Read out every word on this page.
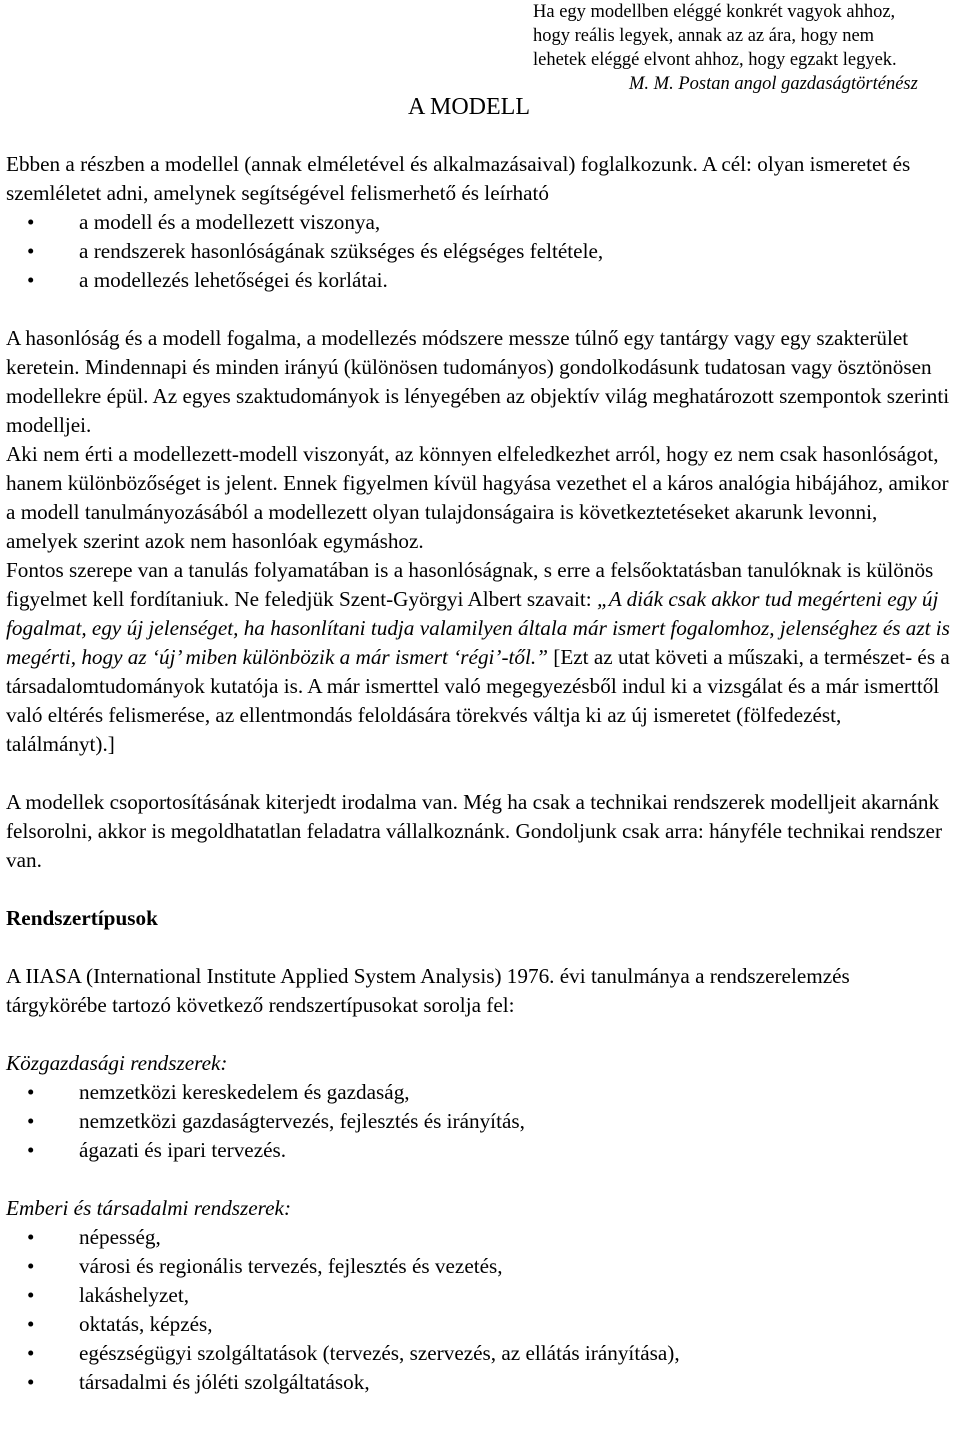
Ha egy modellben eléggé konkrét vagyok ahhoz,
hogy reális legyek, annak az az ára, hogy nem
lehetek eléggé elvont ahhoz, hogy egzakt legyek.
M. M. Postan angol gazdaságtörténész
A MODELL

Ebben a részben a modellel (annak elméletével és alkalmazásaival) foglalkozunk. A cél: olyan ismeretet és szemléletet adni, amelynek segítségével felismerhető és leírható

• a modell és a modellezett viszonya,
• a rendszerek hasonlóságának szükséges és elégséges feltétele,
• a modellezés lehetőségei és korlátai.

A hasonlóság és a modell fogalma, a modellezés módszere messze túlnő egy tantárgy vagy egy szakterület keretein. Mindennapi és minden irányú (különösen tudományos) gondolkodásunk tudatosan vagy ösztönösen modellekre épül. Az egyes szaktudományok is lényegében az objektív világ meghatározott szempontok szerinti modelljei.

Aki nem érti a modellezett-modell viszonyát, az könnyen elfeledkezhet arról, hogy ez nem csak hasonlóságot, hanem különbözőséget is jelent. Ennek figyelmen kívül hagyása vezethet el a káros analógia hibájához, amikor a modell tanulmányozásából a modellezett olyan tulajdonságaira is következtetéseket akarunk levonni, amelyek szerint azok nem hasonlóak egymáshoz.

Fontos szerepe van a tanulás folyamatában is a hasonlóságnak, s erre a felsőoktatásban tanulóknak is különös figyelmet kell fordítaniuk. Ne feledjük Szent-Györgyi Albert szavait: „A diák csak akkor tud megérteni egy új fogalmat, egy új jelenséget, ha hasonlítani tudja valamilyen általa már ismert fogalomhoz, jelenséghez és azt is megérti, hogy az ‘új’ miben különbözik a már ismert ‘régi’-től.” [Ezt az utat követi a műszaki, a természet- és a társadalomtudományok kutatója is. A már ismerttel való megegyezésből indul ki a vizsgálat és a már ismerttől való eltérés felismerése, az ellentmondás feloldására törekvés váltja ki az új ismeretet (fölfedezést, találmányt).]

A modellek csoportosításának kiterjedt irodalma van. Még ha csak a technikai rendszerek modelljeit akarnánk felsorolni, akkor is megoldhatatlan feladatra vállalkoznánk. Gondoljunk csak arra: hányféle technikai rendszer van.

Rendszertípusok

A IIASA (International Institute Applied System Analysis) 1976. évi tanulmánya a rendszerelemzés tárgykörébe tartozó következő rendszertípusokat sorolja fel:

Közgazdasági rendszerek:

• nemzetközi kereskedelem és gazdaság,
• nemzetközi gazdaságtervezés, fejlesztés és irányítás,
• ágazati és ipari tervezés.

Emberi és társadalmi rendszerek:

• népesség,
• városi és regionális tervezés, fejlesztés és vezetés,
• lakáshelyzet,
• oktatás, képzés,
• egészségügyi szolgáltatások (tervezés, szervezés, az ellátás irányítása),
• társadalmi és jóléti szolgáltatások,
